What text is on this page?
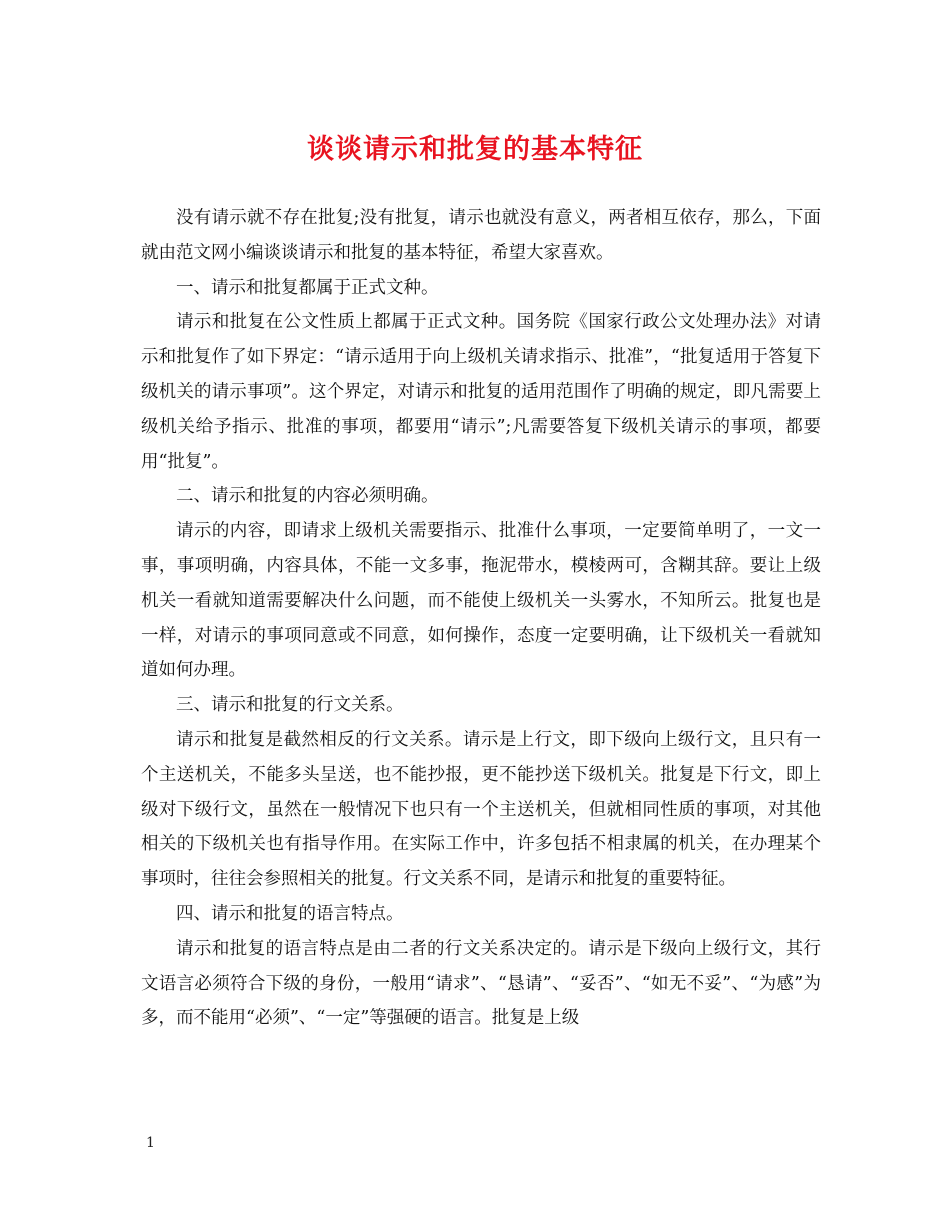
谈谈请示和批复的基本特征

没有请示就不存在批复;没有批复，请示也就没有意义，两者相互依存，那么，下面就由范文网小编谈谈请示和批复的基本特征，希望大家喜欢。

一、请示和批复都属于正式文种。

请示和批复在公文性质上都属于正式文种。国务院《国家行政公文处理办法》对请示和批复作了如下界定：“请示适用于向上级机关请求指示、批准”，“批复适用于答复下级机关的请示事项”。这个界定，对请示和批复的适用范围作了明确的规定，即凡需要上级机关给予指示、批准的事项，都要用“请示”;凡需要答复下级机关请示的事项，都要用“批复”。

二、请示和批复的内容必须明确。

请示的内容，即请求上级机关需要指示、批准什么事项，一定要简单明了，一文一事，事项明确，内容具体，不能一文多事，拖泥带水，模棱两可，含糊其辞。要让上级机关一看就知道需要解决什么问题，而不能使上级机关一头雾水，不知所云。批复也是一样，对请示的事项同意或不同意，如何操作，态度一定要明确，让下级机关一看就知道如何办理。

三、请示和批复的行文关系。

请示和批复是截然相反的行文关系。请示是上行文，即下级向上级行文，且只有一个主送机关，不能多头呈送，也不能抄报，更不能抄送下级机关。批复是下行文，即上级对下级行文，虽然在一般情况下也只有一个主送机关，但就相同性质的事项，对其他相关的下级机关也有指导作用。在实际工作中，许多包括不相隶属的机关，在办理某个事项时，往往会参照相关的批复。行文关系不同，是请示和批复的重要特征。

四、请示和批复的语言特点。

请示和批复的语言特点是由二者的行文关系决定的。请示是下级向上级行文，其行文语言必须符合下级的身份，一般用“请求”、“恳请”、“妥否”、“如无不妥”、“为感”为多，而不能用“必须”、“一定”等强硬的语言。批复是上级

1
